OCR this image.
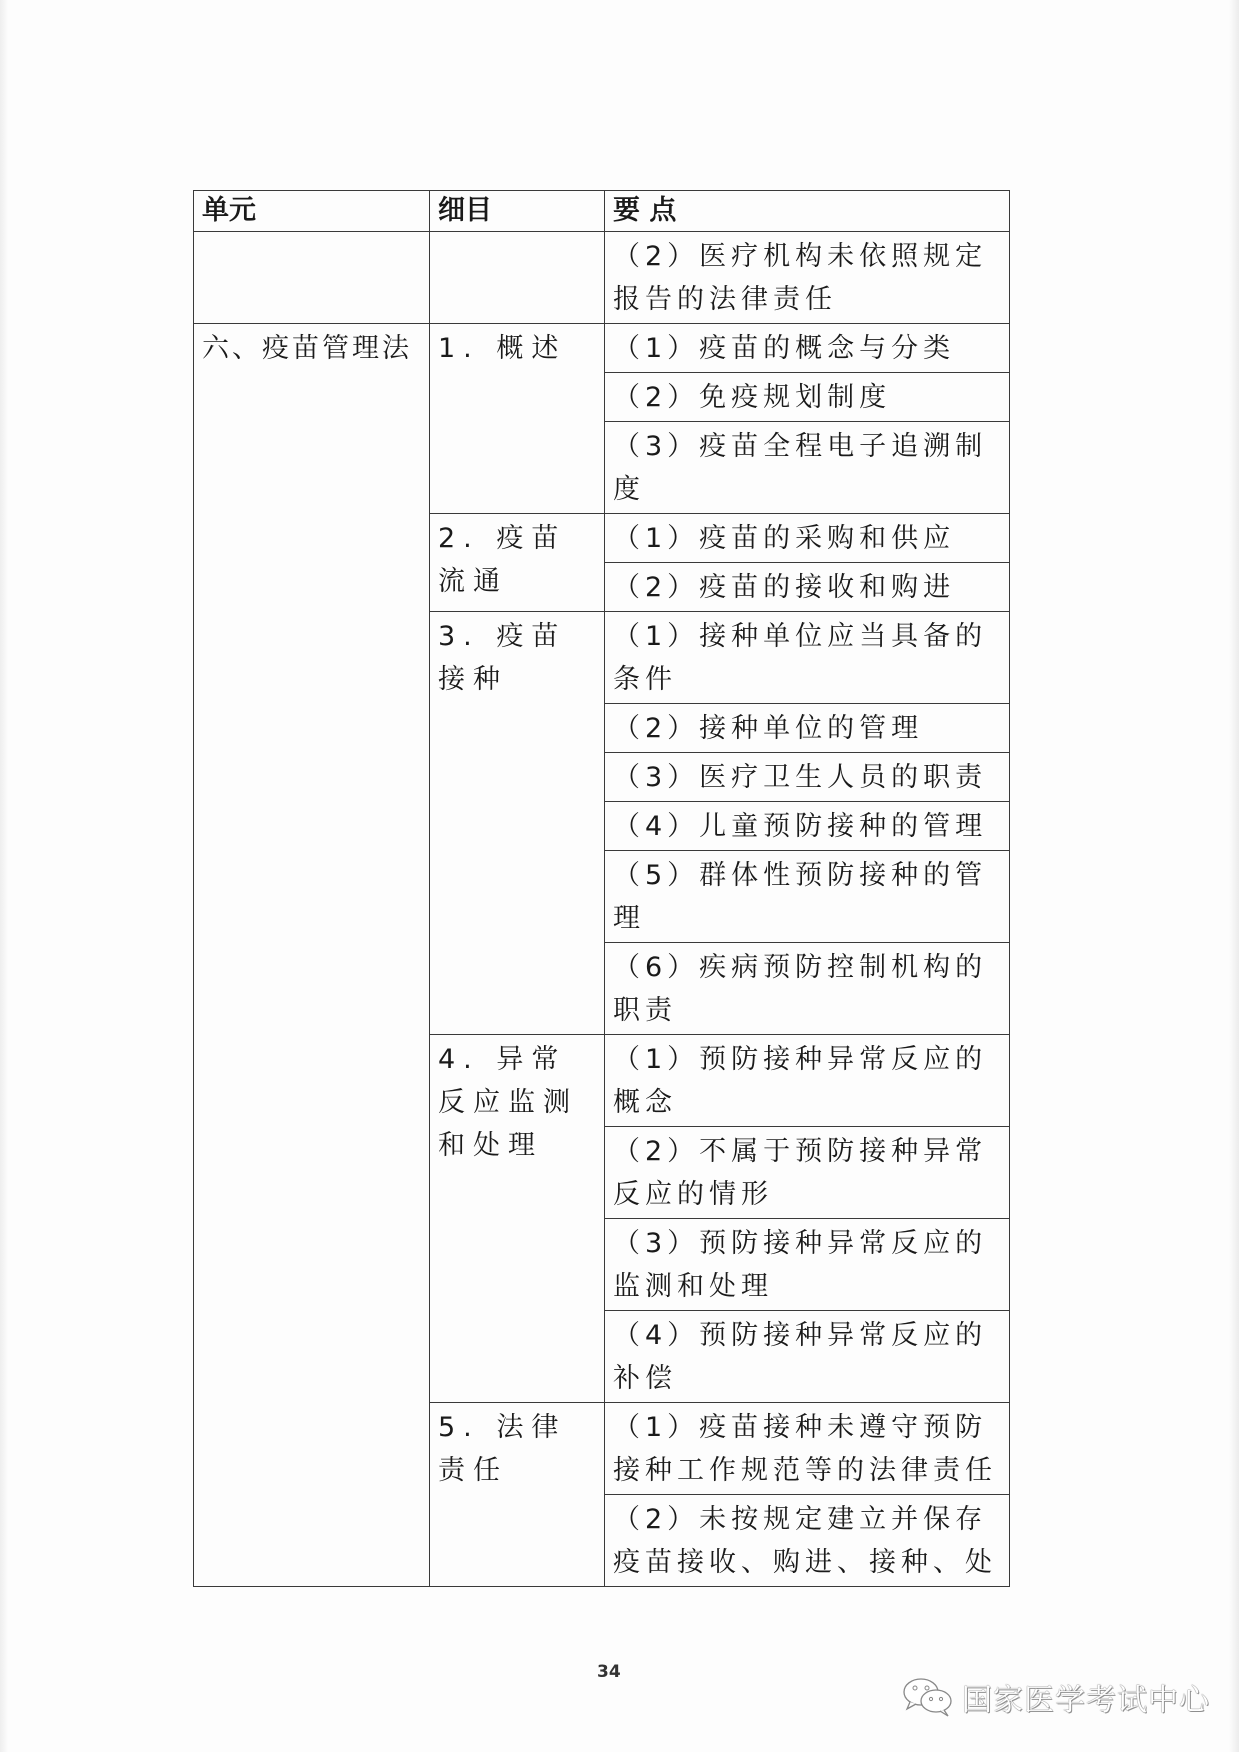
单元	细目	要 点
		（2）医疗机构未依照规定报告的法律责任
六、疫苗管理法	1. 概述	（1）疫苗的概念与分类
		（2）免疫规划制度
		（3）疫苗全程电子追溯制度
	2. 疫苗流通	（1）疫苗的采购和供应
		（2）疫苗的接收和购进
	3. 疫苗接种	（1）接种单位应当具备的条件
		（2）接种单位的管理
		（3）医疗卫生人员的职责
		（4）儿童预防接种的管理
		（5）群体性预防接种的管理
		（6）疾病预防控制机构的职责
	4. 异常反应监测和处理	（1）预防接种异常反应的概念
		（2）不属于预防接种异常反应的情形
		（3）预防接种异常反应的监测和处理
		（4）预防接种异常反应的补偿
	5. 法律责任	（1）疫苗接种未遵守预防接种工作规范等的法律责任
		（2）未按规定建立并保存疫苗接收、购进、接种、处
34
国家医学考试中心
